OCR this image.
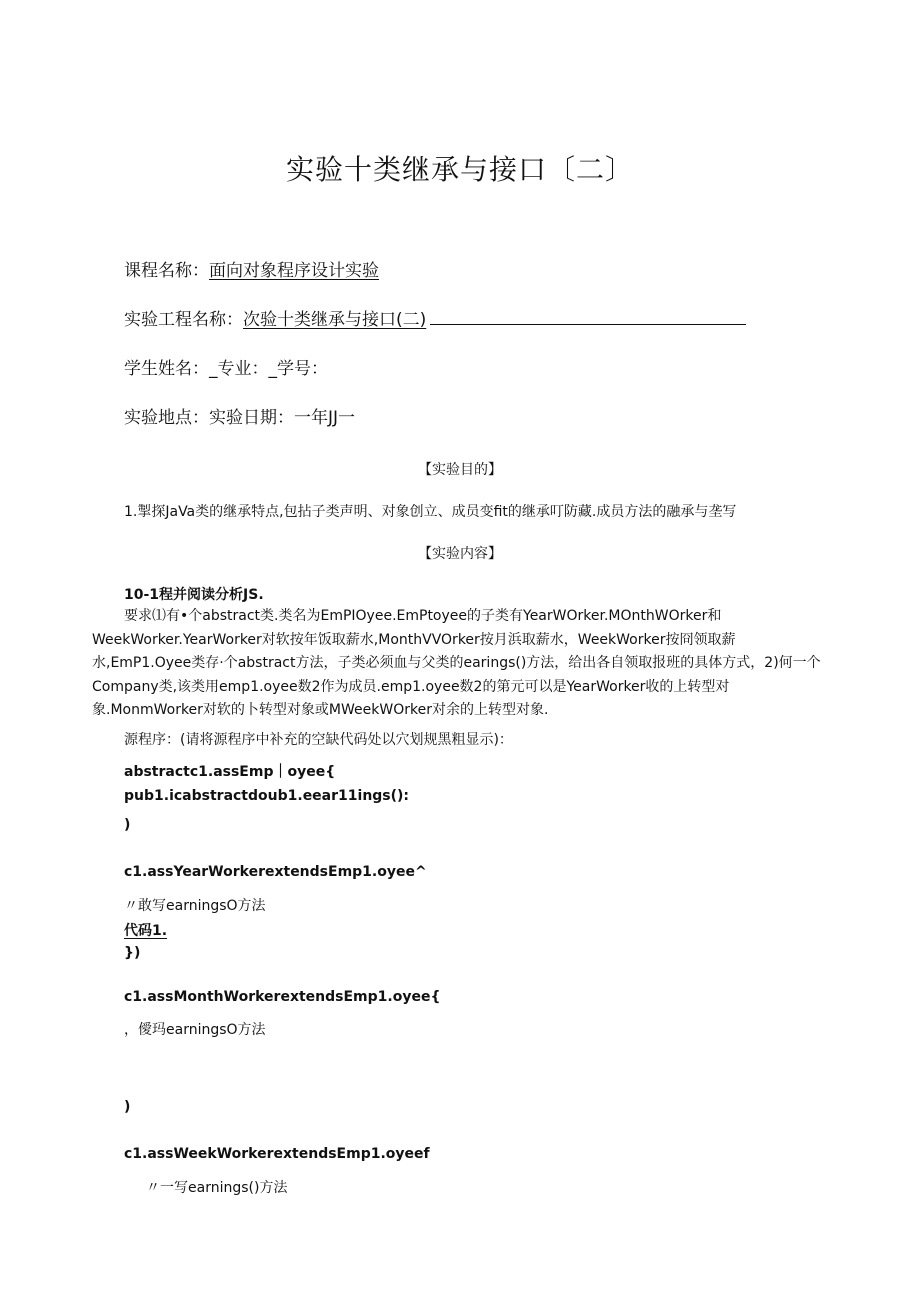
实验十类继承与接口〔二〕
课程名称：面向对象程序设计实验
实验工程名称：次验十类继承与接口(二)
学生姓名：_专业：_学号：
实验地点：实验日期：一年JJ一
【实验目的】
1.掣探JaVa类的继承特点,包拈子类声明、对象创立、成员变fit的继承叮防藏.成员方法的融承与垄写
【实验内容】
10-1程并阅读分析JS.
要求⑴有•个abstract类.类名为EmPIOyee.EmPtoyee的子类有YearWOrker.MOnthWOrker和WeekWorker.YearWorker对软按年饭取薪水,MonthVVOrker按月浜取薪水，WeekWorker按冏领取薪水,EmP1.Oyee类存·个abstract方法，子类必须血与父类的earings()方法，给出各自领取报班的具体方式，2)何一个Company类,该类用emp1.oyee数2作为成员.emp1.oyee数2的第元可以是YearWorker收的上转型对象.MonmWorker对软的卜转型对象或MWeekWOrker对余的上转型对象.
源程序：(请将源程序中补充的空缺代码处以穴划规黑粗显示)：
abstractc1.assEmp｜oyee{
pub1.icabstractdoub1.eear11ings():
)
c1.assYearWorkerextendsEmp1.oyee^
〃敢写earningsO方法
代码1.
})
c1.assMonthWorkerextendsEmp1.oyee{
，僾玛earningsO方法
)
c1.assWeekWorkerextendsEmp1.oyeef
〃一写earnings()方法
